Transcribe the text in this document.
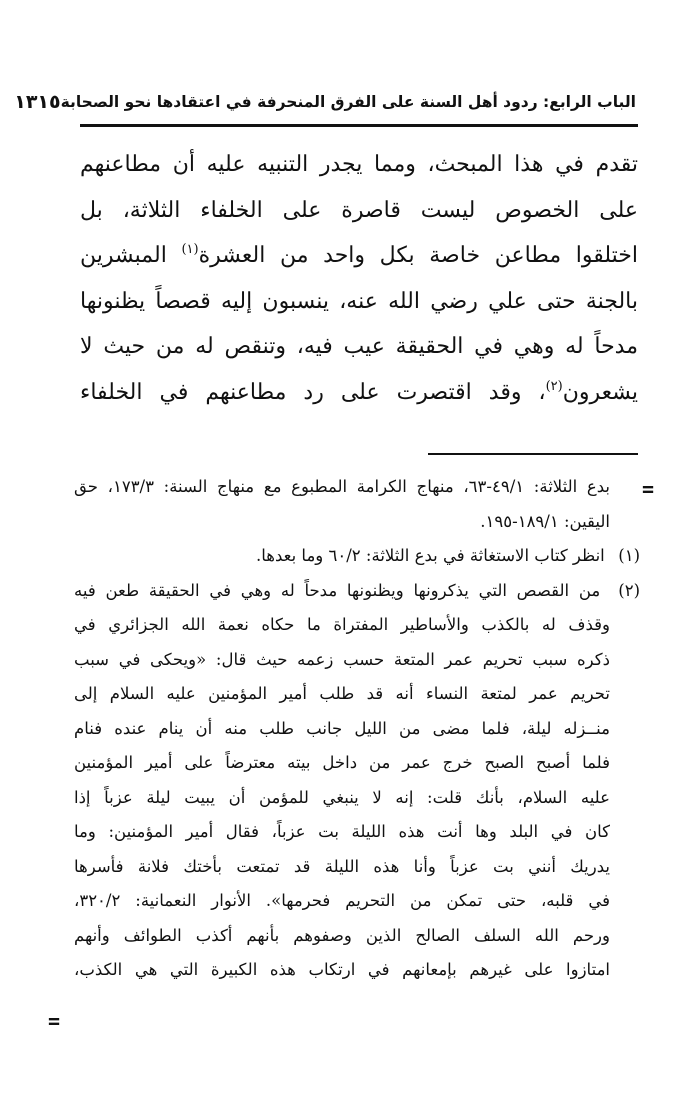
الباب الرابع: ردود أهل السنة على الفرق المنحرفة في اعتقادها نحو الصحابة
١٣١٥
تقدم في هذا المبحث، ومما يجدر التنبيه عليه أن مطاعنهم
على الخصوص ليست قاصرة على الخلفاء الثلاثة، بل
اختلقوا مطاعن خاصة بكل واحد من العشرة$^{(١)}$ المبشرين
بالجنة حتى علي رضي الله عنه، ينسبون إليه قصصاً يظنونها
مدحاً له وهي في الحقيقة عيب فيه، وتنقص له من حيث لا
يشعرون$^{(٢)}$، وقد اقتصرت على رد مطاعنهم في الخلفاء
=
=
بدع الثلاثة: ٤٩/١-٦٣، منهاج الكرامة المطبوع مع منهاج السنة: ١٧٣/٣، حق
اليقين: ١٨٩/١-١٩٥.
(١) انظر كتاب الاستغاثة في بدع الثلاثة: ٦٠/٢ وما بعدها.
(٢) من القصص التي يذكرونها ويظنونها مدحاً له وهي في الحقيقة طعن فيه
وقذف له بالكذب والأساطير المفتراة ما حكاه نعمة الله الجزائري في
ذكره سبب تحريم عمر المتعة حسب زعمه حيث قال: «ويحكى في سبب
تحريم عمر لمتعة النساء أنه قد طلب أمير المؤمنين عليه السلام إلى
منــزله ليلة، فلما مضى من الليل جانب طلب منه أن ينام عنده فنام
فلما أصبح الصبح خرج عمر من داخل بيته معترضاً على أمير المؤمنين
عليه السلام، بأنك قلت: إنه لا ينبغي للمؤمن أن يبيت ليلة عزباً إذا
كان في البلد وها أنت هذه الليلة بت عزباً، فقال أمير المؤمنين: وما
يدريك أنني بت عزباً وأنا هذه الليلة قد تمتعت بأختك فلانة فأسرها
في قلبه، حتى تمكن من التحريم فحرمها». الأنوار النعمانية: ٣٢٠/٢،
ورحم الله السلف الصالح الذين وصفوهم بأنهم أكذب الطوائف وأنهم
امتازوا على غيرهم بإمعانهم في ارتكاب هذه الكبيرة التي هي الكذب،
